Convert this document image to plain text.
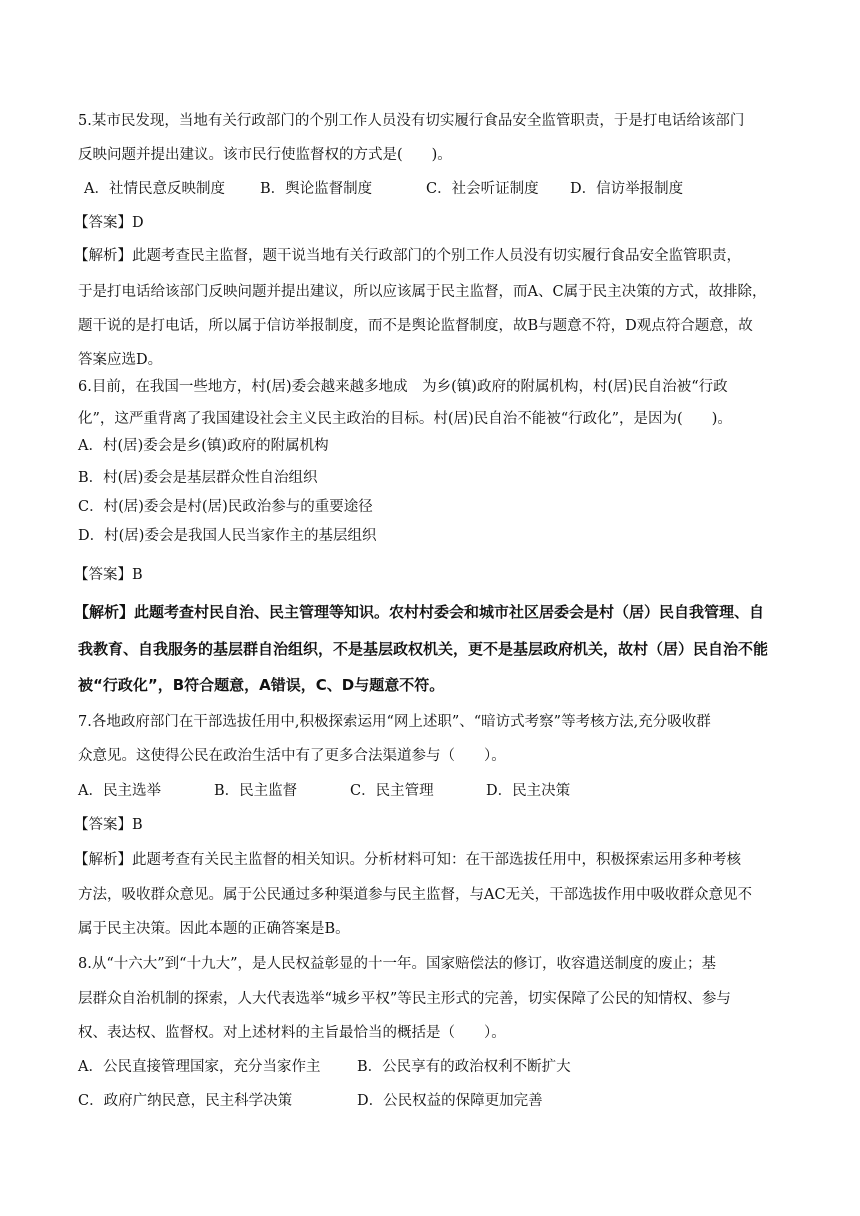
5.某市民发现，当地有关行政部门的个别工作人员没有切实履行食品安全监管职责，于是打电话给该部门
反映问题并提出建议。该市民行使监督权的方式是(　　)。
A．社情民意反映制度 B．舆论监督制度	C．社会听证制度 D．信访举报制度
【答案】D
【解析】此题考查民主监督，题干说当地有关行政部门的个别工作人员没有切实履行食品安全监管职责，
于是打电话给该部门反映问题并提出建议，所以应该属于民主监督，而A、C属于民主决策的方式，故排除，
题干说的是打电话，所以属于信访举报制度，而不是舆论监督制度，故B与题意不符，D观点符合题意，故
答案应选D。
6.目前，在我国一些地方，村(居)委会越来越多地成　为乡(镇)政府的附属机构，村(居)民自治被“行政
化”，这严重背离了我国建设社会主义民主政治的目标。村(居)民自治不能被“行政化”，是因为(　　)。
A．村(居)委会是乡(镇)政府的附属机构
B．村(居)委会是基层群众性自治组织
C．村(居)委会是村(居)民政治参与的重要途径
D．村(居)委会是我国人民当家作主的基层组织
【答案】B
【解析】此题考查村民自治、民主管理等知识。农村村委会和城市社区居委会是村（居）民自我管理、自
我教育、自我服务的基层群自治组织，不是基层政权机关，更不是基层政府机关，故村（居）民自治不能
被“行政化”，B符合题意，A错误，C、D与题意不符。
7.各地政府部门在干部选拔任用中,积极探索运用“网上述职”、“暗访式考察”等考核方法,充分吸收群
众意见。这使得公民在政治生活中有了更多合法渠道参与（　　）。
A．民主选举	B．民主监督	C．民主管理	D．民主决策
【答案】B
【解析】此题考查有关民主监督的相关知识。分析材料可知：在干部选拔任用中，积极探索运用多种考核
方法，吸收群众意见。属于公民通过多种渠道参与民主监督，与AC无关，干部选拔作用中吸收群众意见不
属于民主决策。因此本题的正确答案是B。
8.从“十六大”到“十九大”，是人民权益彰显的十一年。国家赔偿法的修订，收容遣送制度的废止；基
层群众自治机制的探索，人大代表选举“城乡平权”等民主形式的完善，切实保障了公民的知情权、参与
权、表达权、监督权。对上述材料的主旨最恰当的概括是（　　）。
A．公民直接管理国家，充分当家作主	B．公民享有的政治权利不断扩大
C．政府广纳民意，民主科学决策	D．公民权益的保障更加完善
